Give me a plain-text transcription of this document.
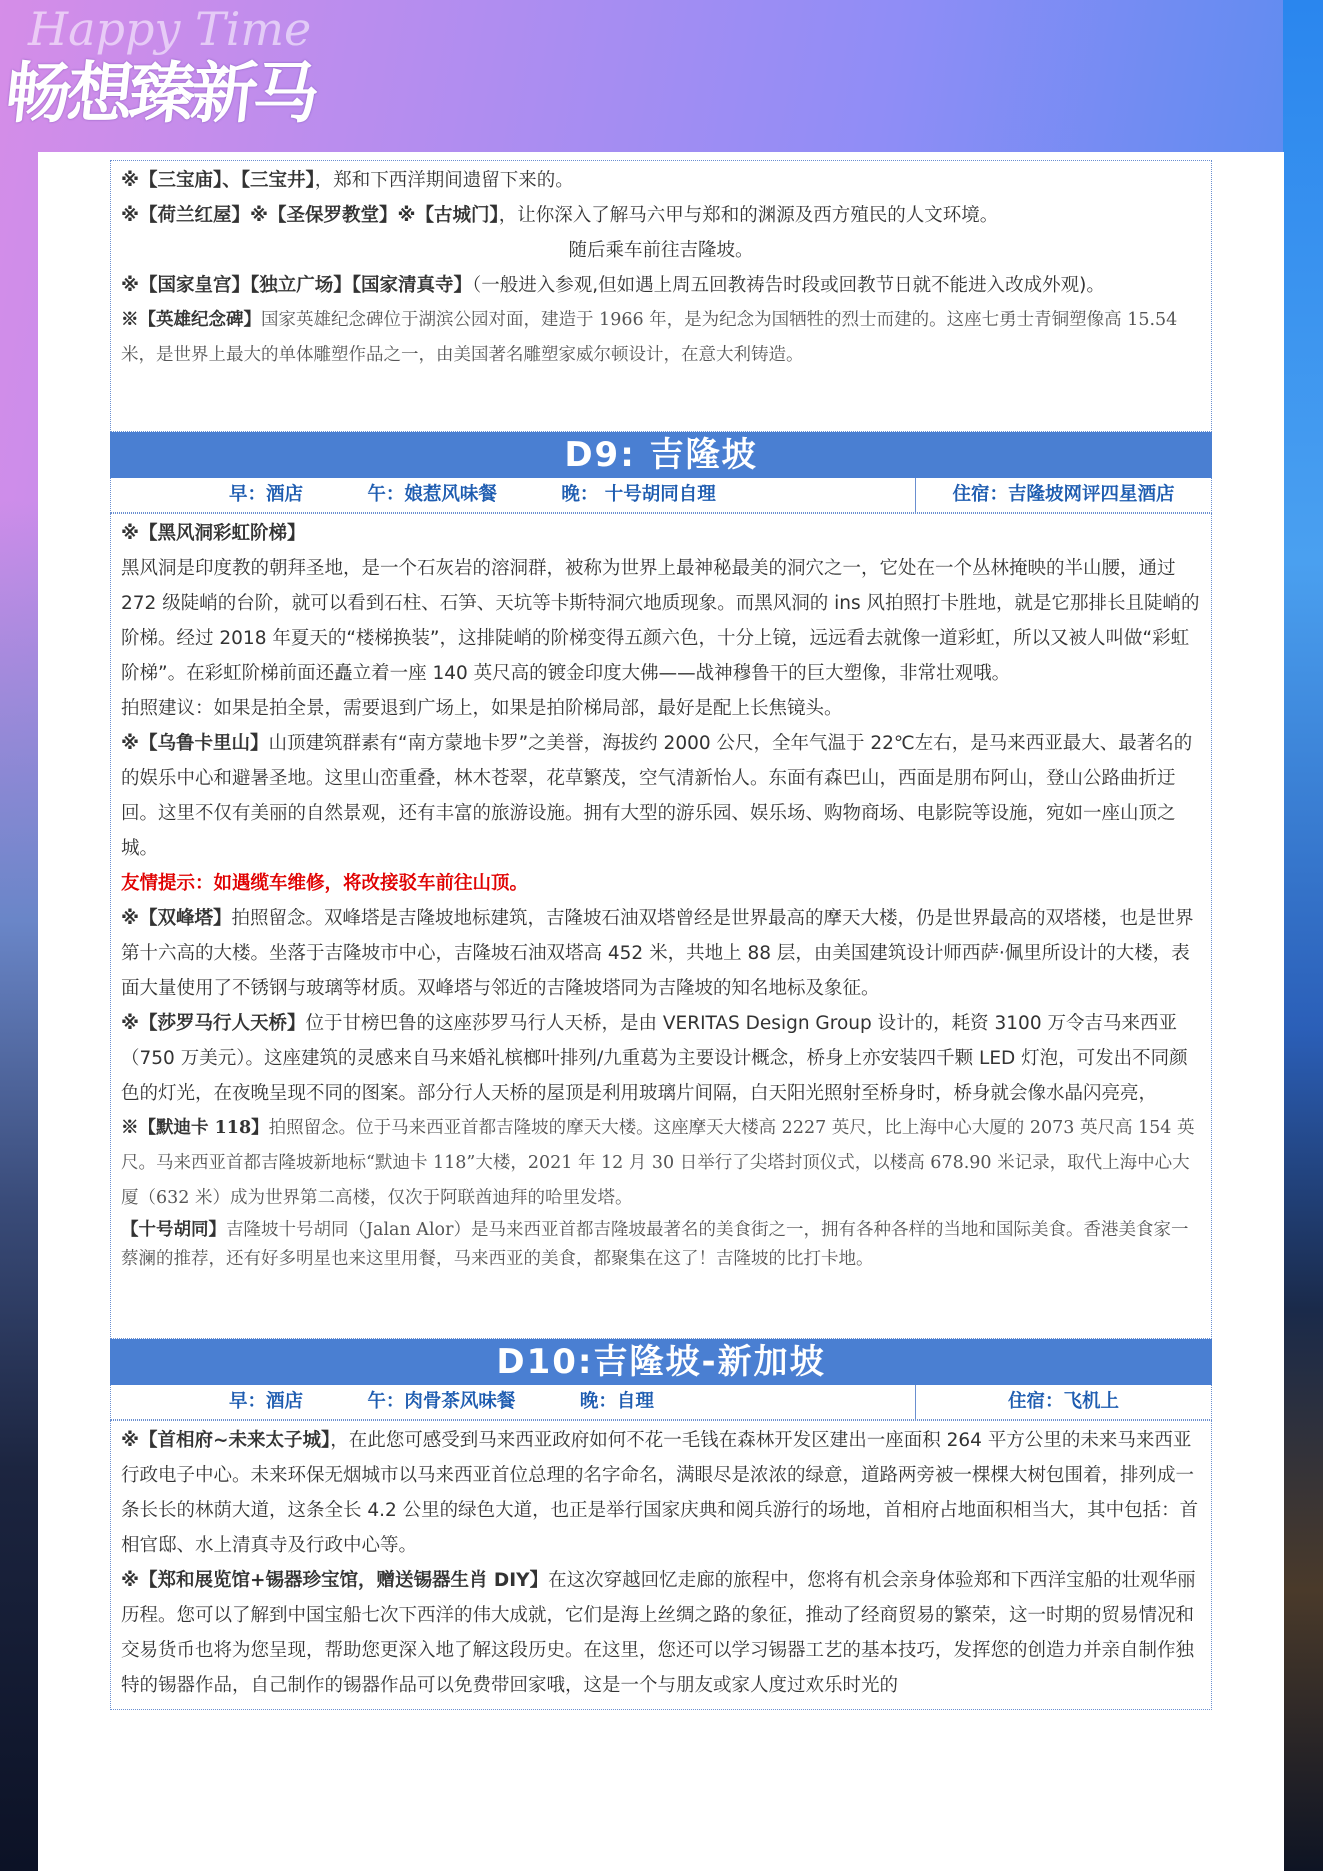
Happy Time
畅想臻新马
※【三宝庙】、【三宝井】，郑和下西洋期间遗留下来的。
※【荷兰红屋】※【圣保罗教堂】※【古城门】，让你深入了解马六甲与郑和的渊源及西方殖民的人文环境。
随后乘车前往吉隆坡。
※【国家皇宫】【独立广场】【国家清真寺】（一般进入参观,但如遇上周五回教祷告时段或回教节日就不能进入改成外观)。
※【英雄纪念碑】国家英雄纪念碑位于湖滨公园对面，建造于 1966 年，是为纪念为国牺牲的烈士而建的。这座七勇士青铜塑像高 15.54 米，是世界上最大的单体雕塑作品之一，由美国著名雕塑家威尔顿设计，在意大利铸造。
D9: 吉隆坡
早：酒店          午：娘惹风味餐          晚： 十号胡同自理	住宿：吉隆坡网评四星酒店
※【黑风洞彩虹阶梯】
黑风洞是印度教的朝拜圣地，是一个石灰岩的溶洞群，被称为世界上最神秘最美的洞穴之一，它处在一个丛林掩映的半山腰，通过 272 级陡峭的台阶，就可以看到石柱、石笋、天坑等卡斯特洞穴地质现象。而黑风洞的 ins 风拍照打卡胜地，就是它那排长且陡峭的阶梯。经过 2018 年夏天的“楼梯换装”，这排陡峭的阶梯变得五颜六色，十分上镜，远远看去就像一道彩虹，所以又被人叫做“彩虹阶梯”。在彩虹阶梯前面还矗立着一座 140 英尺高的镀金印度大佛——战神穆鲁干的巨大塑像，非常壮观哦。
拍照建议：如果是拍全景，需要退到广场上，如果是拍阶梯局部，最好是配上长焦镜头。
※【乌鲁卡里山】山顶建筑群素有“南方蒙地卡罗”之美誉，海拔约 2000 公尺，全年气温于 22℃左右，是马来西亚最大、最著名的的娱乐中心和避暑圣地。这里山峦重叠，林木苍翠，花草繁茂，空气清新怡人。东面有森巴山，西面是朋布阿山，登山公路曲折迂回。这里不仅有美丽的自然景观，还有丰富的旅游设施。拥有大型的游乐园、娱乐场、购物商场、电影院等设施，宛如一座山顶之城。
友情提示：如遇缆车维修，将改接驳车前往山顶。
※【双峰塔】拍照留念。双峰塔是吉隆坡地标建筑，吉隆坡石油双塔曾经是世界最高的摩天大楼，仍是世界最高的双塔楼，也是世界第十六高的大楼。坐落于吉隆坡市中心，吉隆坡石油双塔高 452 米，共地上 88 层，由美国建筑设计师西萨·佩里所设计的大楼，表面大量使用了不锈钢与玻璃等材质。双峰塔与邻近的吉隆坡塔同为吉隆坡的知名地标及象征。
※【莎罗马行人天桥】位于甘榜巴鲁的这座莎罗马行人天桥，是由 VERITAS Design Group 设计的，耗资 3100 万令吉马来西亚（750 万美元）。这座建筑的灵感来自马来婚礼槟榔叶排列/九重葛为主要设计概念，桥身上亦安装四千颗 LED 灯泡，可发出不同颜色的灯光，在夜晚呈现不同的图案。部分行人天桥的屋顶是利用玻璃片间隔，白天阳光照射至桥身时，桥身就会像水晶闪亮亮，
※【默迪卡 118】拍照留念。位于马来西亚首都吉隆坡的摩天大楼。这座摩天大楼高 2227 英尺，比上海中心大厦的 2073 英尺高 154 英尺。马来西亚首都吉隆坡新地标“默迪卡 118”大楼，2021 年 12 月 30 日举行了尖塔封顶仪式，以楼高 678.90 米记录，取代上海中心大厦（632 米）成为世界第二高楼，仅次于阿联酋迪拜的哈里发塔。
【十号胡同】吉隆坡十号胡同（Jalan Alor）是马来西亚首都吉隆坡最著名的美食街之一，拥有各种各样的当地和国际美食。香港美食家一蔡澜的推荐，还有好多明星也来这里用餐，马来西亚的美食，都聚集在这了！吉隆坡的比打卡地。
D10:吉隆坡-新加坡
早：酒店          午：肉骨茶风味餐          晚：自理	住宿：飞机上
※【首相府~未来太子城】，在此您可感受到马来西亚政府如何不花一毛钱在森林开发区建出一座面积 264 平方公里的未来马来西亚行政电子中心。未来环保无烟城市以马来西亚首位总理的名字命名，满眼尽是浓浓的绿意，道路两旁被一棵棵大树包围着，排列成一条长长的林荫大道，这条全长 4.2 公里的绿色大道，也正是举行国家庆典和阅兵游行的场地，首相府占地面积相当大，其中包括：首相官邸、水上清真寺及行政中心等。
※【郑和展览馆+锡器珍宝馆，赠送锡器生肖 DIY】在这次穿越回忆走廊的旅程中，您将有机会亲身体验郑和下西洋宝船的壮观华丽历程。您可以了解到中国宝船七次下西洋的伟大成就，它们是海上丝绸之路的象征，推动了经商贸易的繁荣，这一时期的贸易情况和交易货币也将为您呈现，帮助您更深入地了解这段历史。在这里，您还可以学习锡器工艺的基本技巧，发挥您的创造力并亲自制作独特的锡器作品，自己制作的锡器作品可以免费带回家哦，这是一个与朋友或家人度过欢乐时光的
